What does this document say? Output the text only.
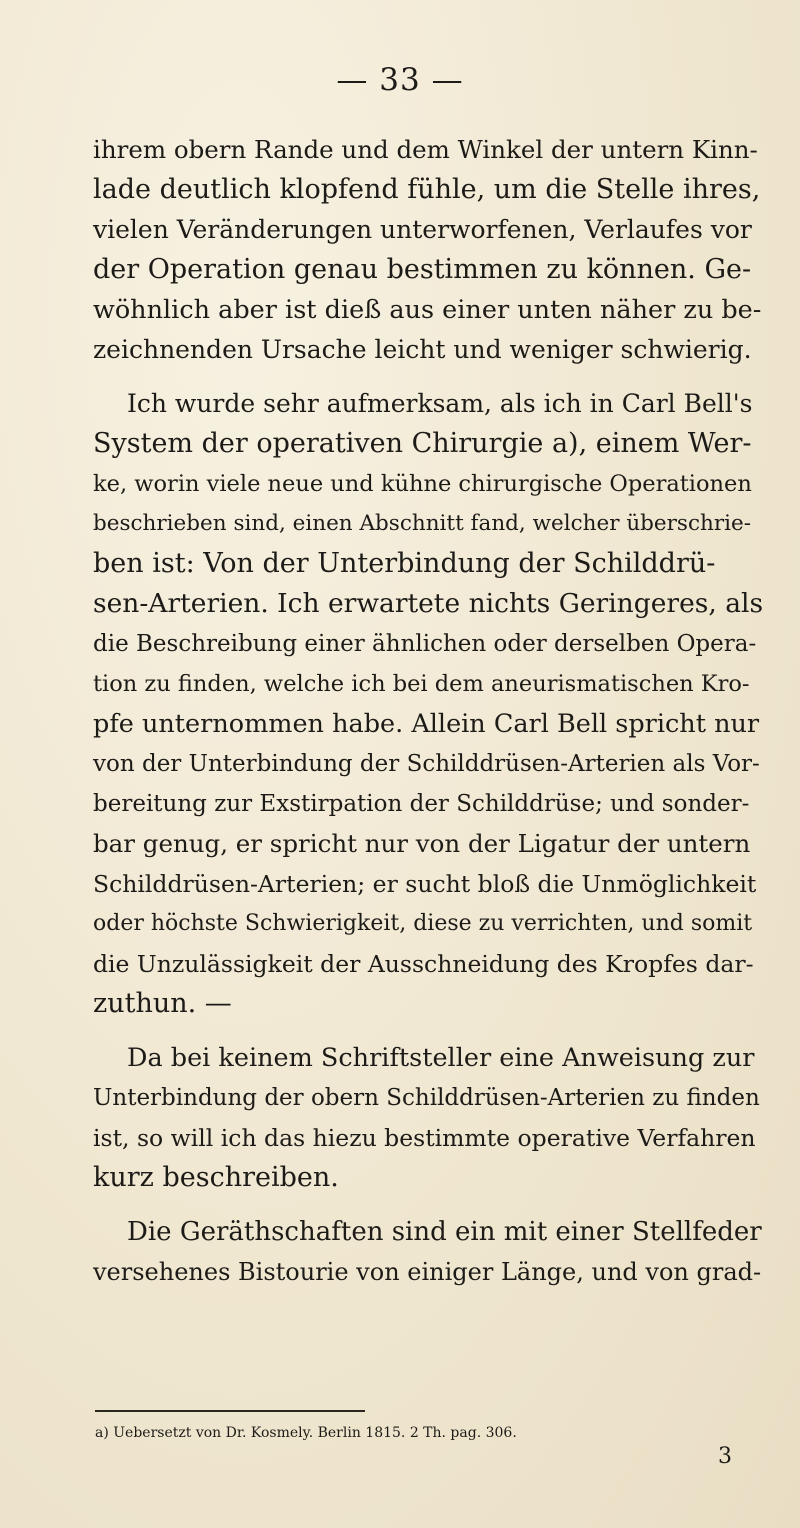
— 33 —
ihrem obern Rande und dem Winkel der untern Kinn-
lade deutlich klopfend fühle, um die Stelle ihres,
vielen Veränderungen unterworfenen, Verlaufes vor
der Operation genau bestimmen zu können. Ge-
wöhnlich aber ist dieß aus einer unten näher zu be-
zeichnenden Ursache leicht und weniger schwierig.
Ich wurde sehr aufmerksam, als ich in Carl Bell's
System der operativen Chirurgie a), einem Wer-
ke, worin viele neue und kühne chirurgische Operationen
beschrieben sind, einen Abschnitt fand, welcher überschrie-
ben ist: Von der Unterbindung der Schilddrü-
sen-Arterien. Ich erwartete nichts Geringeres, als
die Beschreibung einer ähnlichen oder derselben Opera-
tion zu finden, welche ich bei dem aneurismatischen Kro-
pfe unternommen habe. Allein Carl Bell spricht nur
von der Unterbindung der Schilddrüsen-Arterien als Vor-
bereitung zur Exstirpation der Schilddrüse; und sonder-
bar genug, er spricht nur von der Ligatur der untern
Schilddrüsen-Arterien; er sucht bloß die Unmöglichkeit
oder höchste Schwierigkeit, diese zu verrichten, und somit
die Unzulässigkeit der Ausschneidung des Kropfes dar-
zuthun. —
Da bei keinem Schriftsteller eine Anweisung zur
Unterbindung der obern Schilddrüsen-Arterien zu finden
ist, so will ich das hiezu bestimmte operative Verfahren
kurz beschreiben.
Die Geräthschaften sind ein mit einer Stellfeder
versehenes Bistourie von einiger Länge, und von grad-
a) Uebersetzt von Dr. Kosmely. Berlin 1815. 2 Th. pag. 306.
3
